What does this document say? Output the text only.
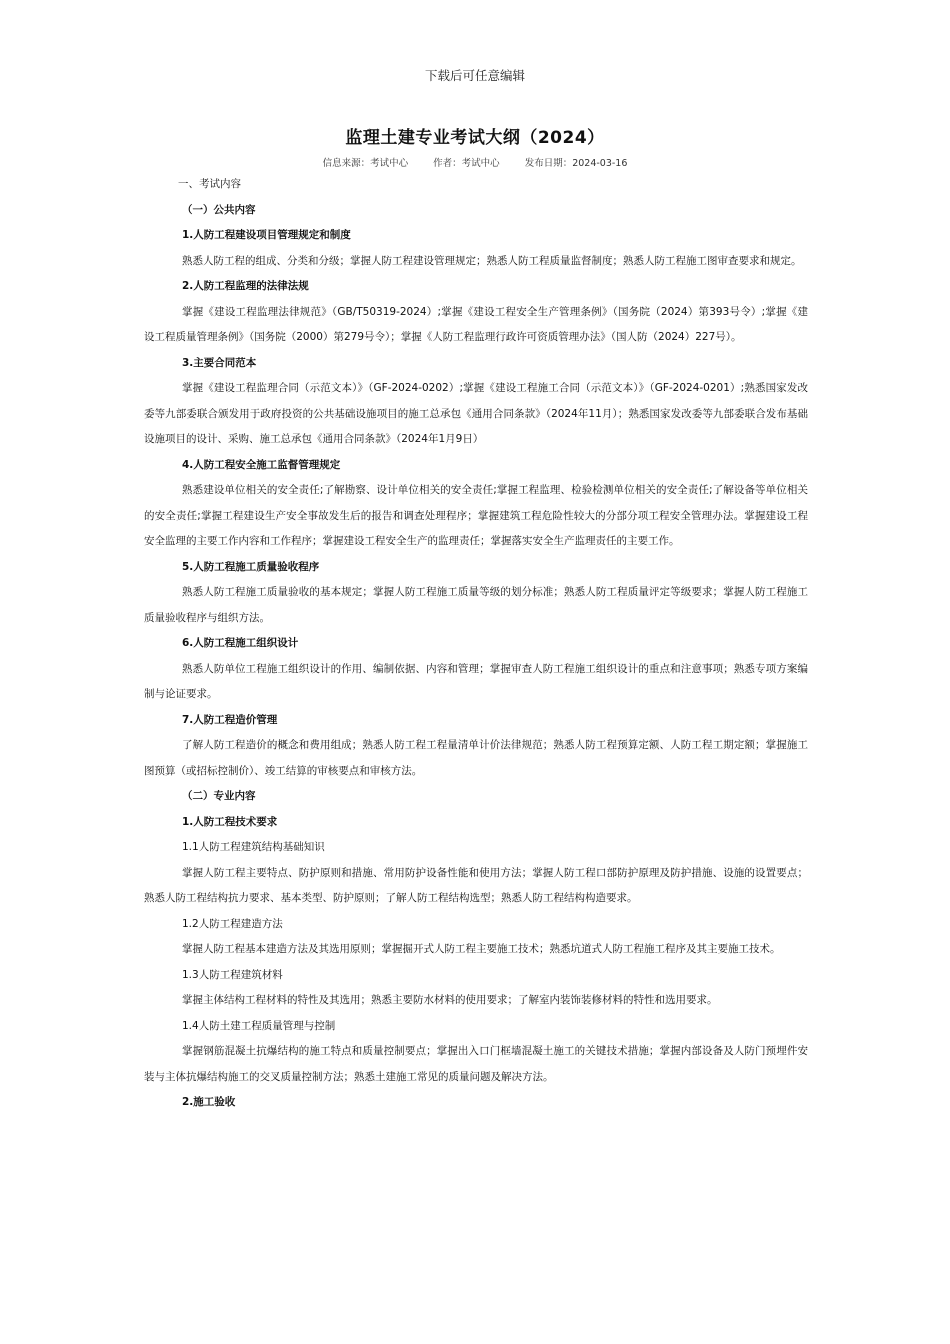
下载后可任意编辑
监理土建专业考试大纲（2024）
信息来源：考试中心	作者：考试中心	发布日期：2024-03-16

一、考试内容

（一）公共内容

1.人防工程建设项目管理规定和制度

熟悉人防工程的组成、分类和分级；掌握人防工程建设管理规定；熟悉人防工程质量监督制度；熟悉人防工程施工图审查要求和规定。

2.人防工程监理的法律法规

掌握《建设工程监理法律规范》（GB/T50319-2024）;掌握《建设工程安全生产管理条例》（国务院（2024）第393号令）;掌握《建设工程质量管理条例》（国务院（2000）第279号令）；掌握《人防工程监理行政许可资质管理办法》（国人防（2024）227号）。

3.主要合同范本

掌握《建设工程监理合同（示范文本）》（GF-2024-0202）;掌握《建设工程施工合同（示范文本）》（GF-2024-0201）;熟悉国家发改委等九部委联合颁发用于政府投资的公共基础设施项目的施工总承包《通用合同条款》（2024年11月）；熟悉国家发改委等九部委联合发布基础设施项目的设计、采购、施工总承包《通用合同条款》（2024年1月9日）

4.人防工程安全施工监督管理规定

熟悉建设单位相关的安全责任;了解勘察、设计单位相关的安全责任;掌握工程监理、检验检测单位相关的安全责任;了解设备等单位相关的安全责任;掌握工程建设生产安全事故发生后的报告和调查处理程序；掌握建筑工程危险性较大的分部分项工程安全管理办法。掌握建设工程安全监理的主要工作内容和工作程序；掌握建设工程安全生产的监理责任；掌握落实安全生产监理责任的主要工作。

5.人防工程施工质量验收程序

熟悉人防工程施工质量验收的基本规定；掌握人防工程施工质量等级的划分标准；熟悉人防工程质量评定等级要求；掌握人防工程施工质量验收程序与组织方法。

6.人防工程施工组织设计

熟悉人防单位工程施工组织设计的作用、编制依据、内容和管理；掌握审查人防工程施工组织设计的重点和注意事项；熟悉专项方案编制与论证要求。

7.人防工程造价管理

了解人防工程造价的概念和费用组成；熟悉人防工程工程量清单计价法律规范；熟悉人防工程预算定额、人防工程工期定额；掌握施工图预算（或招标控制价）、竣工结算的审核要点和审核方法。

（二）专业内容

1.人防工程技术要求

1.1人防工程建筑结构基础知识

掌握人防工程主要特点、防护原则和措施、常用防护设备性能和使用方法；掌握人防工程口部防护原理及防护措施、设施的设置要点；熟悉人防工程结构抗力要求、基本类型、防护原则；了解人防工程结构选型；熟悉人防工程结构构造要求。

1.2人防工程建造方法

掌握人防工程基本建造方法及其选用原则；掌握掘开式人防工程主要施工技术；熟悉坑道式人防工程施工程序及其主要施工技术。

1.3人防工程建筑材料

掌握主体结构工程材料的特性及其选用；熟悉主要防水材料的使用要求；了解室内装饰装修材料的特性和选用要求。

1.4人防土建工程质量管理与控制

掌握钢筋混凝土抗爆结构的施工特点和质量控制要点；掌握出入口门框墙混凝土施工的关键技术措施；掌握内部设备及人防门预埋件安装与主体抗爆结构施工的交叉质量控制方法；熟悉土建施工常见的质量问题及解决方法。

2.施工验收
